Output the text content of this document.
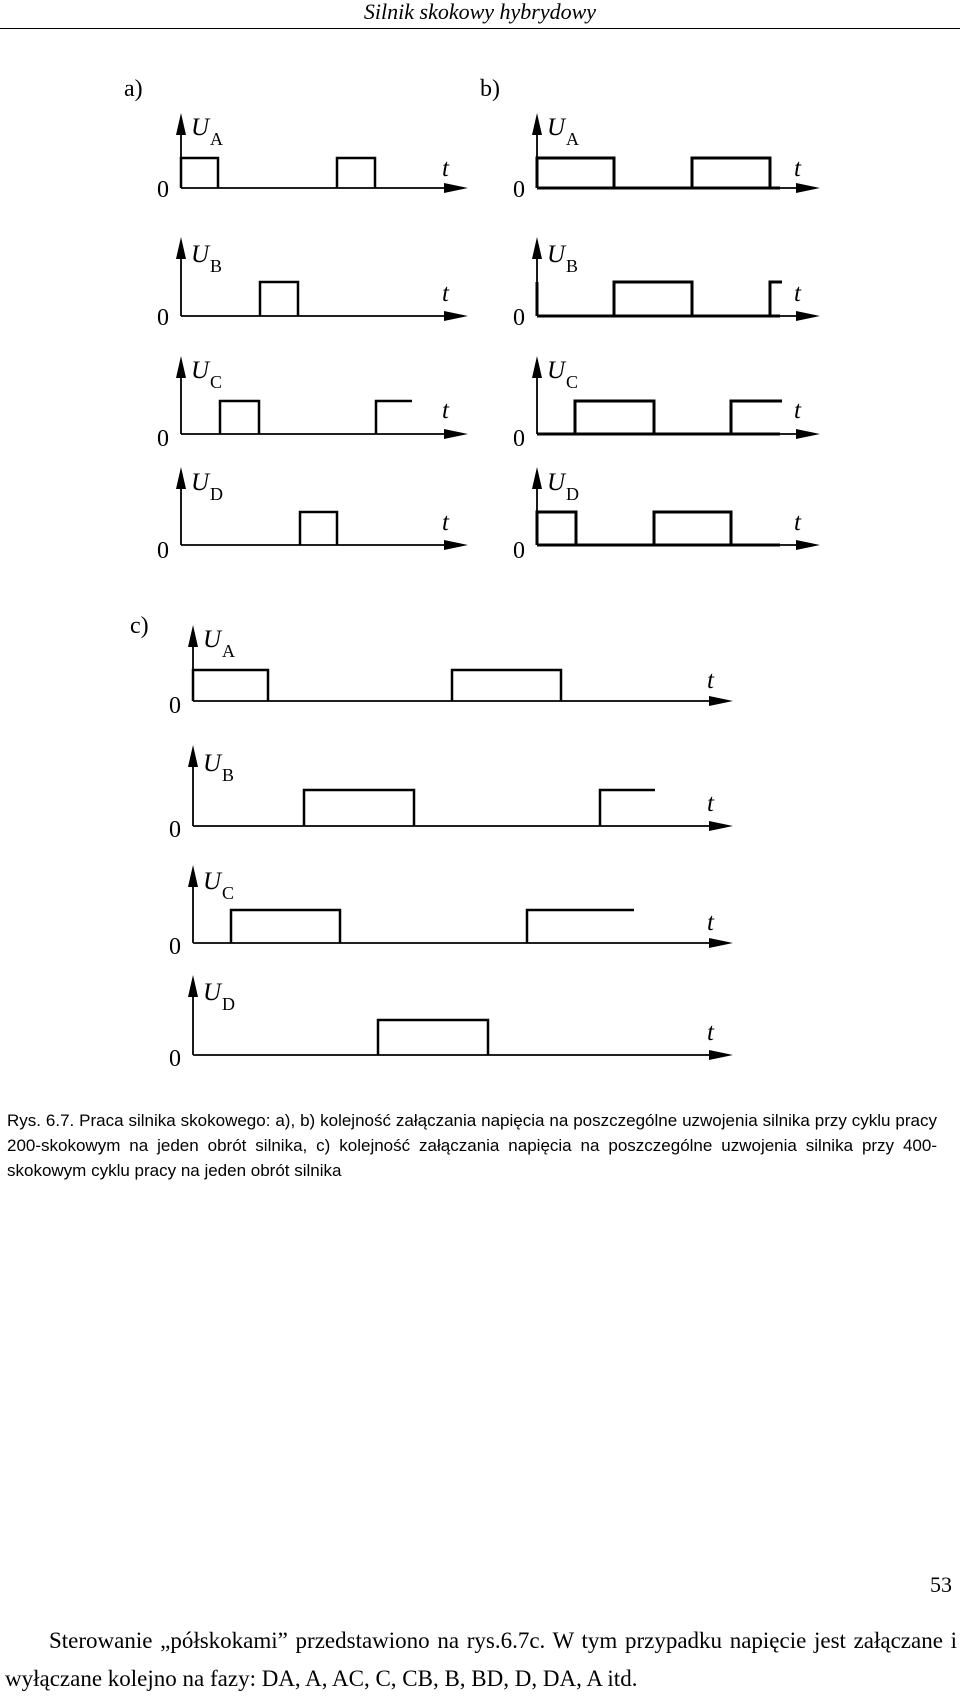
Silnik skokowy hybrydowy
a)	b)
c)
U A
0
t
U B
0
t
U C
0
t
U D
0
t
U A
0
t
U B
0
t
U C
0
t
U D
0
t
U A
0
t
U B
0
t
U C
0
t
U D
0
t
Rys. 6.7. Praca silnika skokowego: a), b) kolejność załączania napięcia na poszczególne uzwojenia silnika przy cyklu pracy 200-skokowym na jeden obrót silnika, c) kolejność załączania napięcia na poszczególne uzwojenia silnika przy 400-skokowym cyklu pracy na jeden obrót silnika
Sterowanie „półskokami” przedstawiono na rys.6.7c. W tym przypadku napięcie jest załączane i wyłączane kolejno na fazy: DA, A, AC, C, CB, B, BD, D, DA, A itd.
53
